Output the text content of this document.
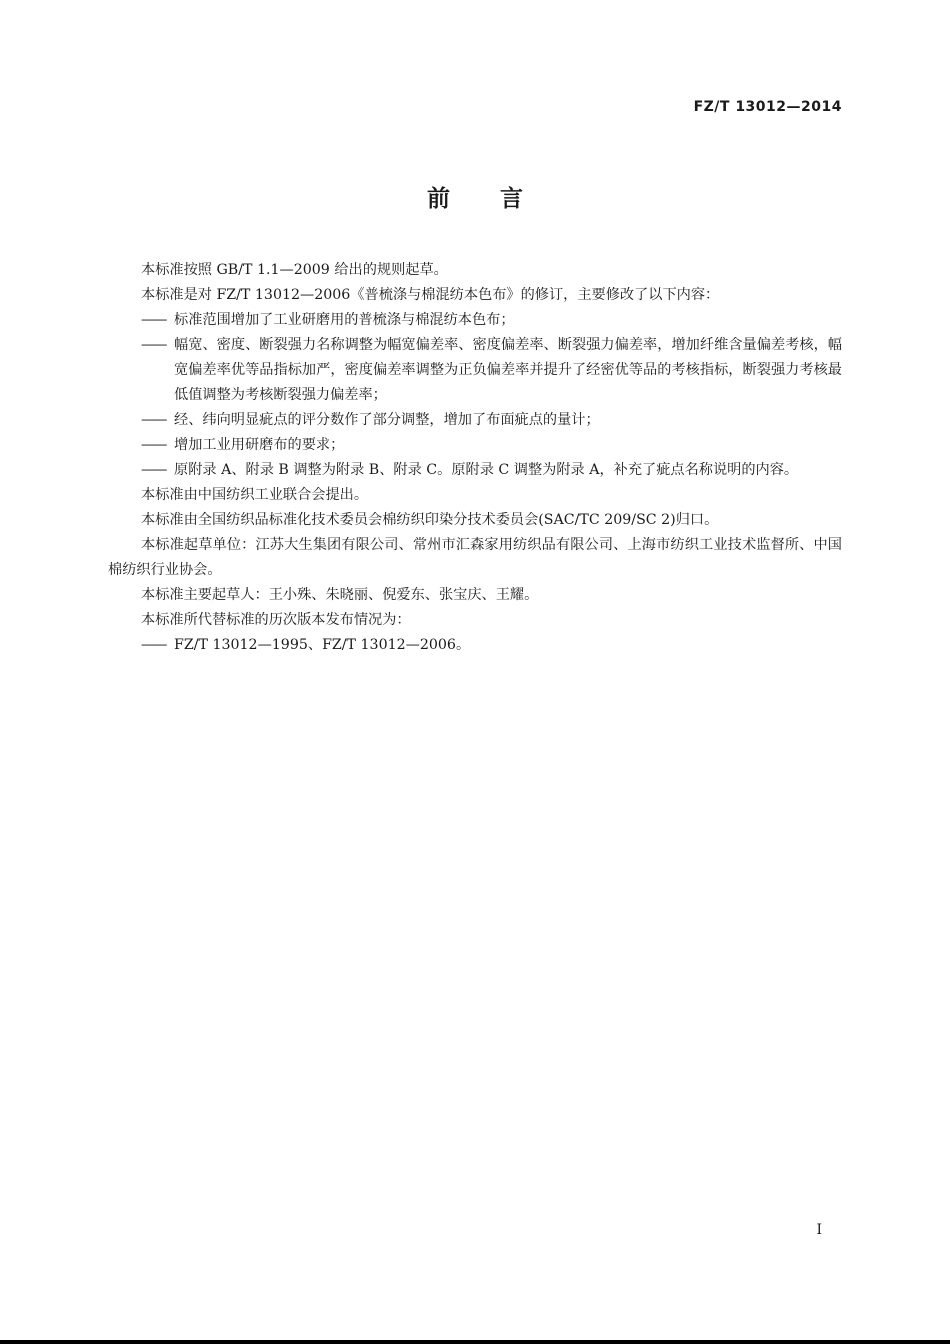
FZ/T 13012—2014
前言

本标准按照 GB/T 1.1—2009 给出的规则起草。

本标准是对 FZ/T 13012—2006《普梳涤与棉混纺本色布》的修订，主要修改了以下内容：

—— 标准范围增加了工业研磨用的普梳涤与棉混纺本色布；

—— 幅宽、密度、断裂强力名称调整为幅宽偏差率、密度偏差率、断裂强力偏差率，增加纤维含量偏差考核，幅宽偏差率优等品指标加严，密度偏差率调整为正负偏差率并提升了经密优等品的考核指标，断裂强力考核最低值调整为考核断裂强力偏差率；

—— 经、纬向明显疵点的评分数作了部分调整，增加了布面疵点的量计；

—— 增加工业用研磨布的要求；

—— 原附录 A、附录 B 调整为附录 B、附录 C。原附录 C 调整为附录 A，补充了疵点名称说明的内容。

本标准由中国纺织工业联合会提出。

本标准由全国纺织品标准化技术委员会棉纺织印染分技术委员会(SAC/TC 209/SC 2)归口。

本标准起草单位：江苏大生集团有限公司、常州市汇森家用纺织品有限公司、上海市纺织工业技术监督所、中国棉纺织行业协会。

本标准主要起草人：王小殊、朱晓丽、倪爱东、张宝庆、王耀。

本标准所代替标准的历次版本发布情况为：

—— FZ/T 13012—1995、FZ/T 13012—2006。

I
